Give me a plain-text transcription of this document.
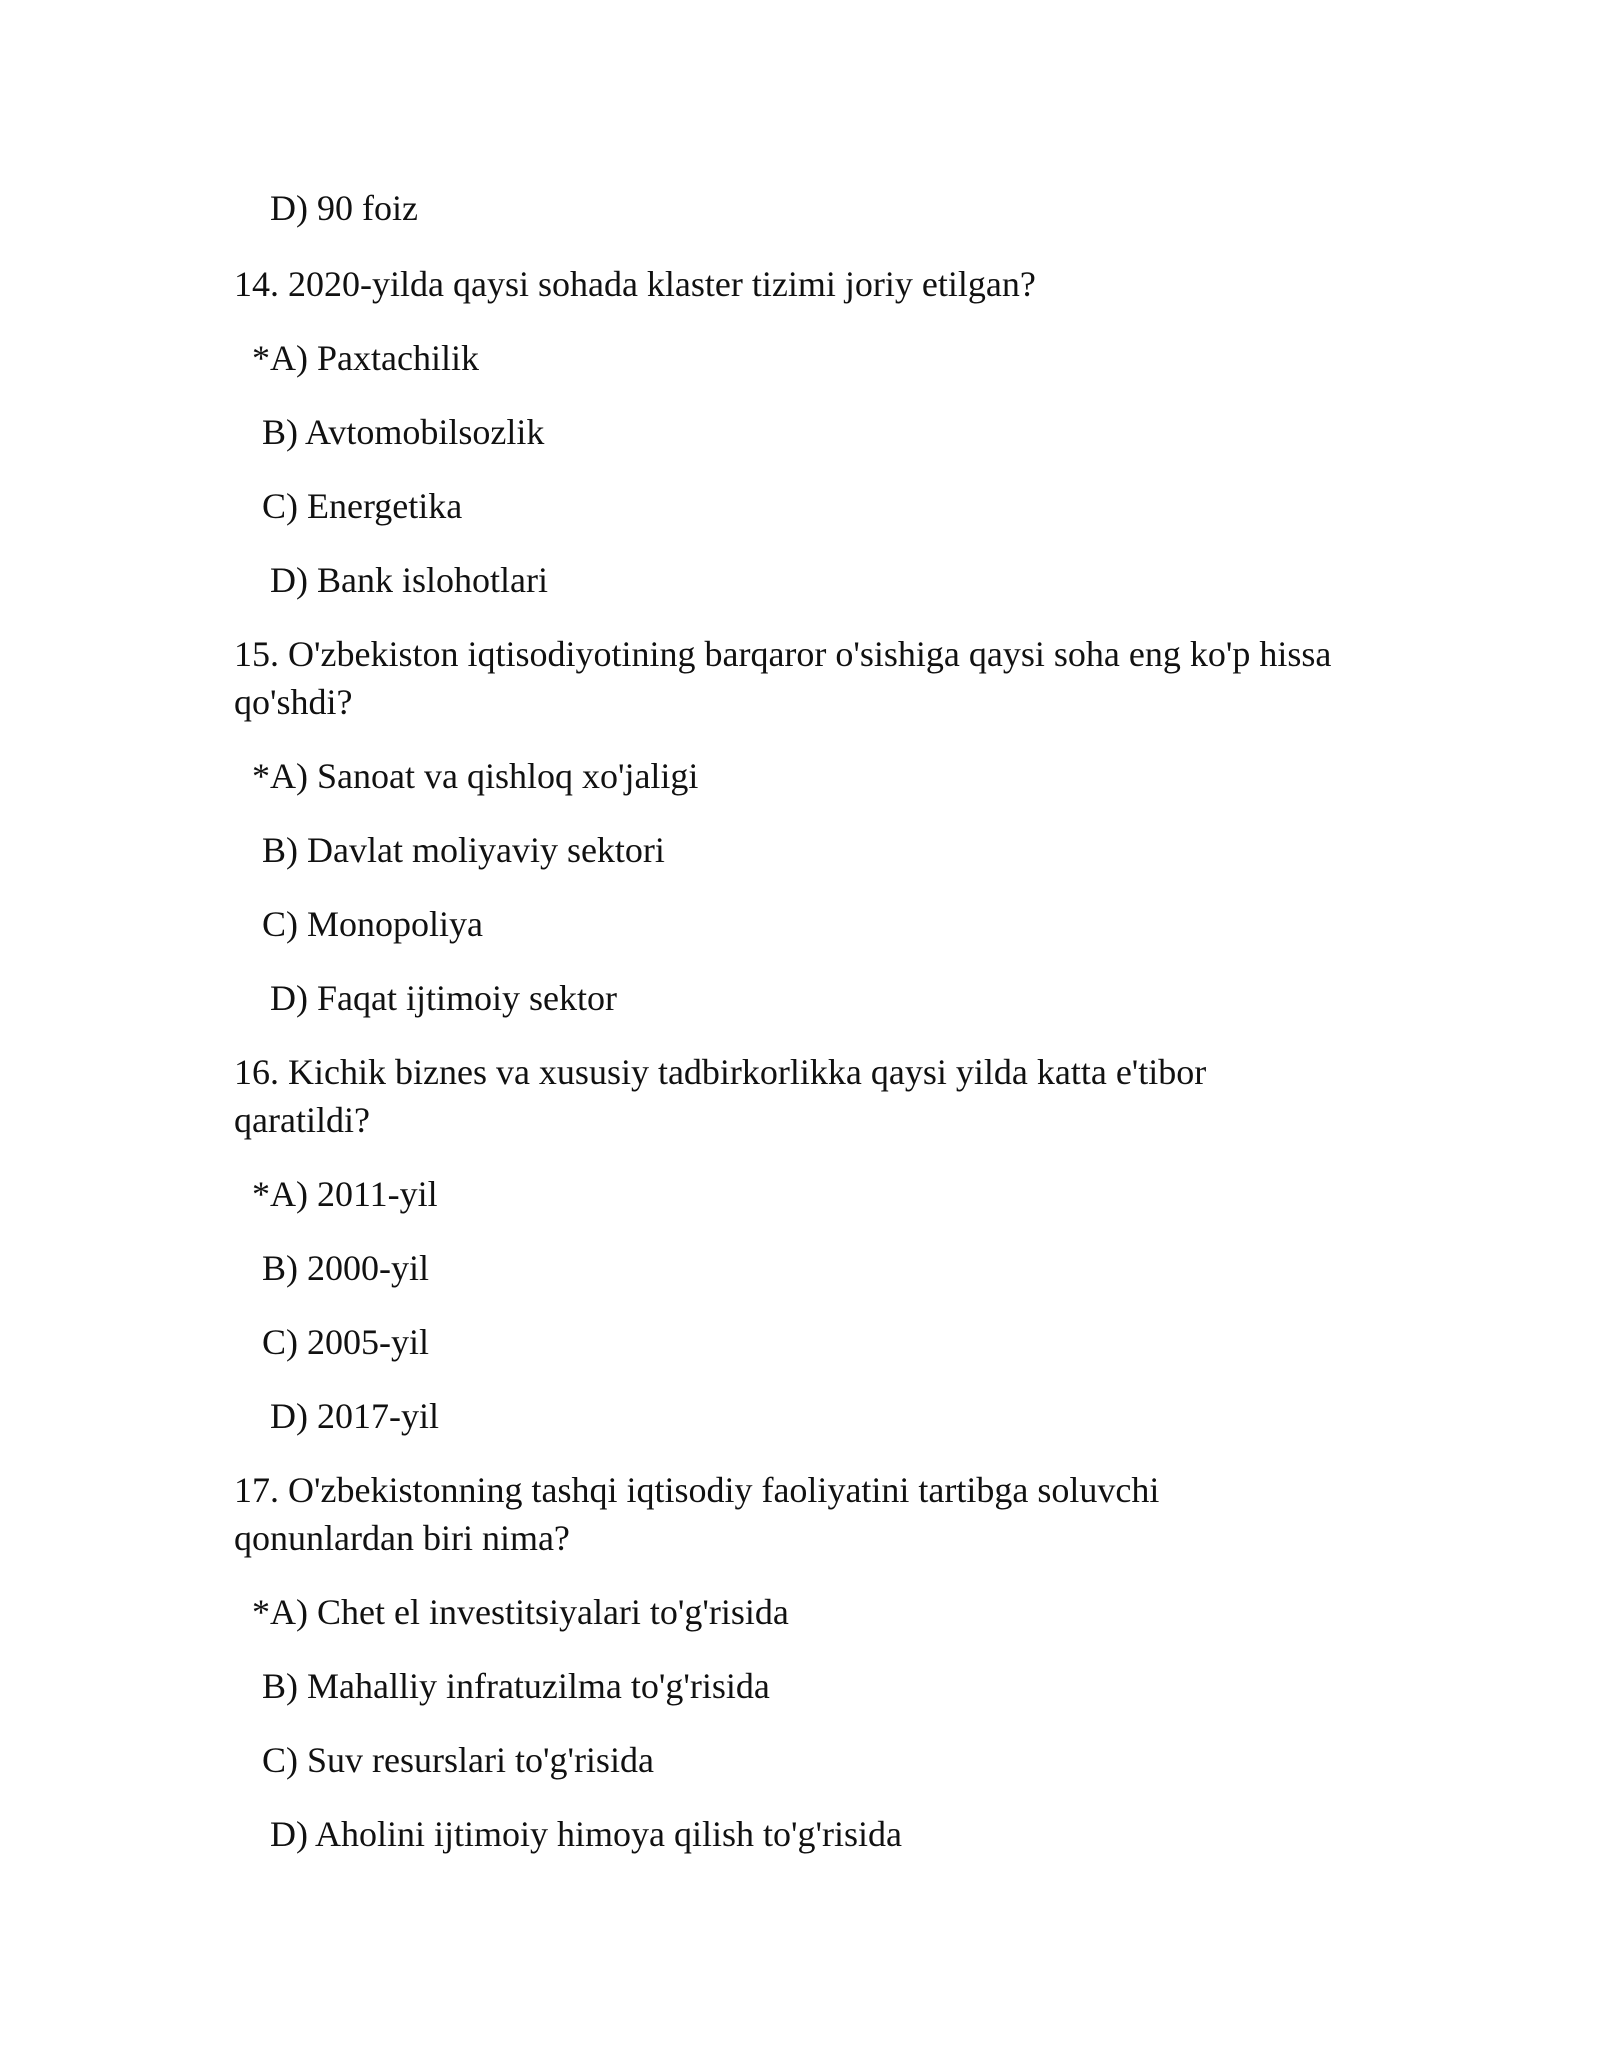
D) 90 foiz
14. 2020-yilda qaysi sohada klaster tizimi joriy etilgan?
*A) Paxtachilik
B) Avtomobilsozlik
C) Energetika
D) Bank islohotlari
15. O'zbekiston iqtisodiyotining barqaror o'sishiga qaysi soha eng ko'p hissa
qo'shdi?
*A) Sanoat va qishloq xo'jaligi
B) Davlat moliyaviy sektori
C) Monopoliya
D) Faqat ijtimoiy sektor
16. Kichik biznes va xususiy tadbirkorlikka qaysi yilda katta e'tibor
qaratildi?
*A) 2011-yil
B) 2000-yil
C) 2005-yil
D) 2017-yil
17. O'zbekistonning tashqi iqtisodiy faoliyatini tartibga soluvchi
qonunlardan biri nima?
*A) Chet el investitsiyalari to'g'risida
B) Mahalliy infratuzilma to'g'risida
C) Suv resurslari to'g'risida
D) Aholini ijtimoiy himoya qilish to'g'risida
